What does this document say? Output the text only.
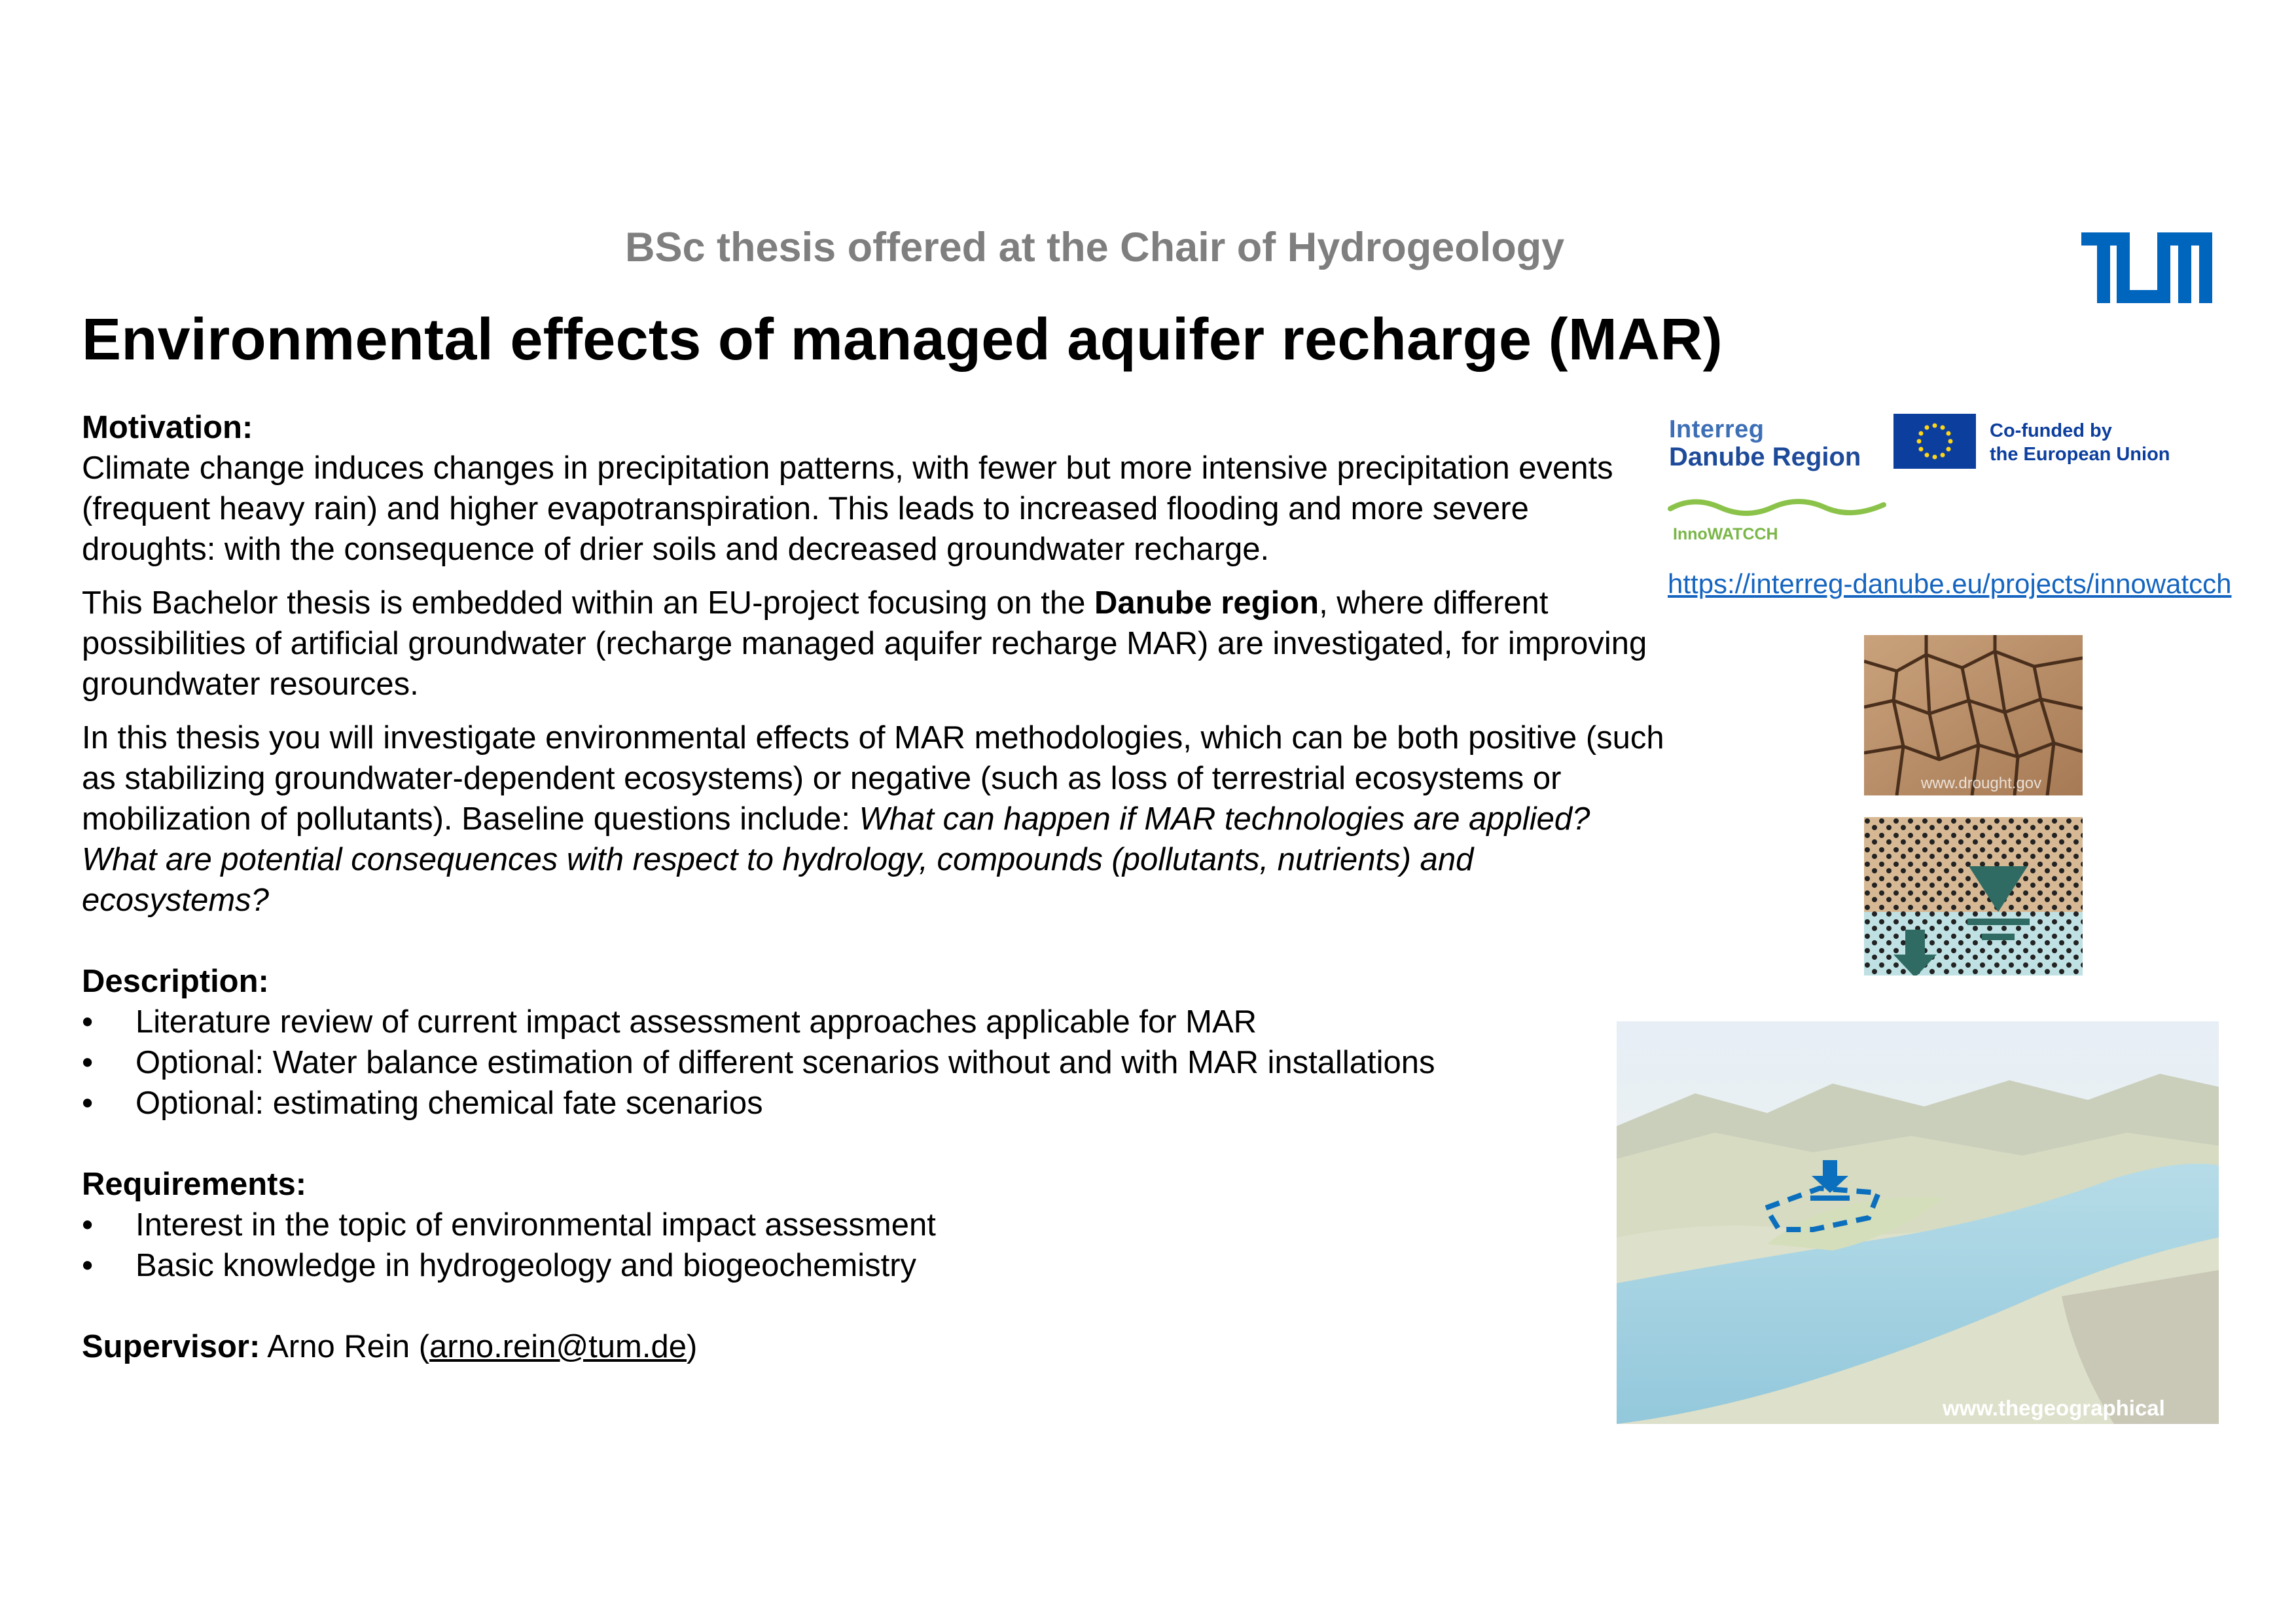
BSc thesis offered at the Chair of Hydrogeology
Environmental effects of managed aquifer recharge (MAR)
Motivation:

Climate change induces changes in precipitation patterns, with fewer but more intensive precipitation events (frequent heavy rain) and higher evapotranspiration. This leads to increased flooding and more severe droughts: with the consequence of drier soils and decreased groundwater recharge.

This Bachelor thesis is embedded within an EU-project focusing on the Danube region, where different possibilities of artificial groundwater (recharge managed aquifer recharge MAR) are investigated, for improving groundwater resources.

In this thesis you will investigate environmental effects of MAR methodologies, which can be both positive (such as stabilizing groundwater-dependent ecosystems) or negative (such as loss of terrestrial ecosystems or mobilization of pollutants). Baseline questions include: What can happen if MAR technologies are applied? What are potential consequences with respect to hydrology, compounds (pollutants, nutrients) and ecosystems?

Description:
• Literature review of current impact assessment approaches applicable for MAR
• Optional: Water balance estimation of different scenarios without and with MAR installations
• Optional: estimating chemical fate scenarios
Requirements:
• Interest in the topic of environmental impact assessment
• Basic knowledge in hydrogeology and biogeochemistry
Supervisor: Arno Rein (arno.rein@tum.de)
Interreg
Danube Region
Co-funded by
the European Union
InnoWATCCH
https://interreg-danube.eu/projects/innowatcch
www.drought.gov
www.thegeographical
